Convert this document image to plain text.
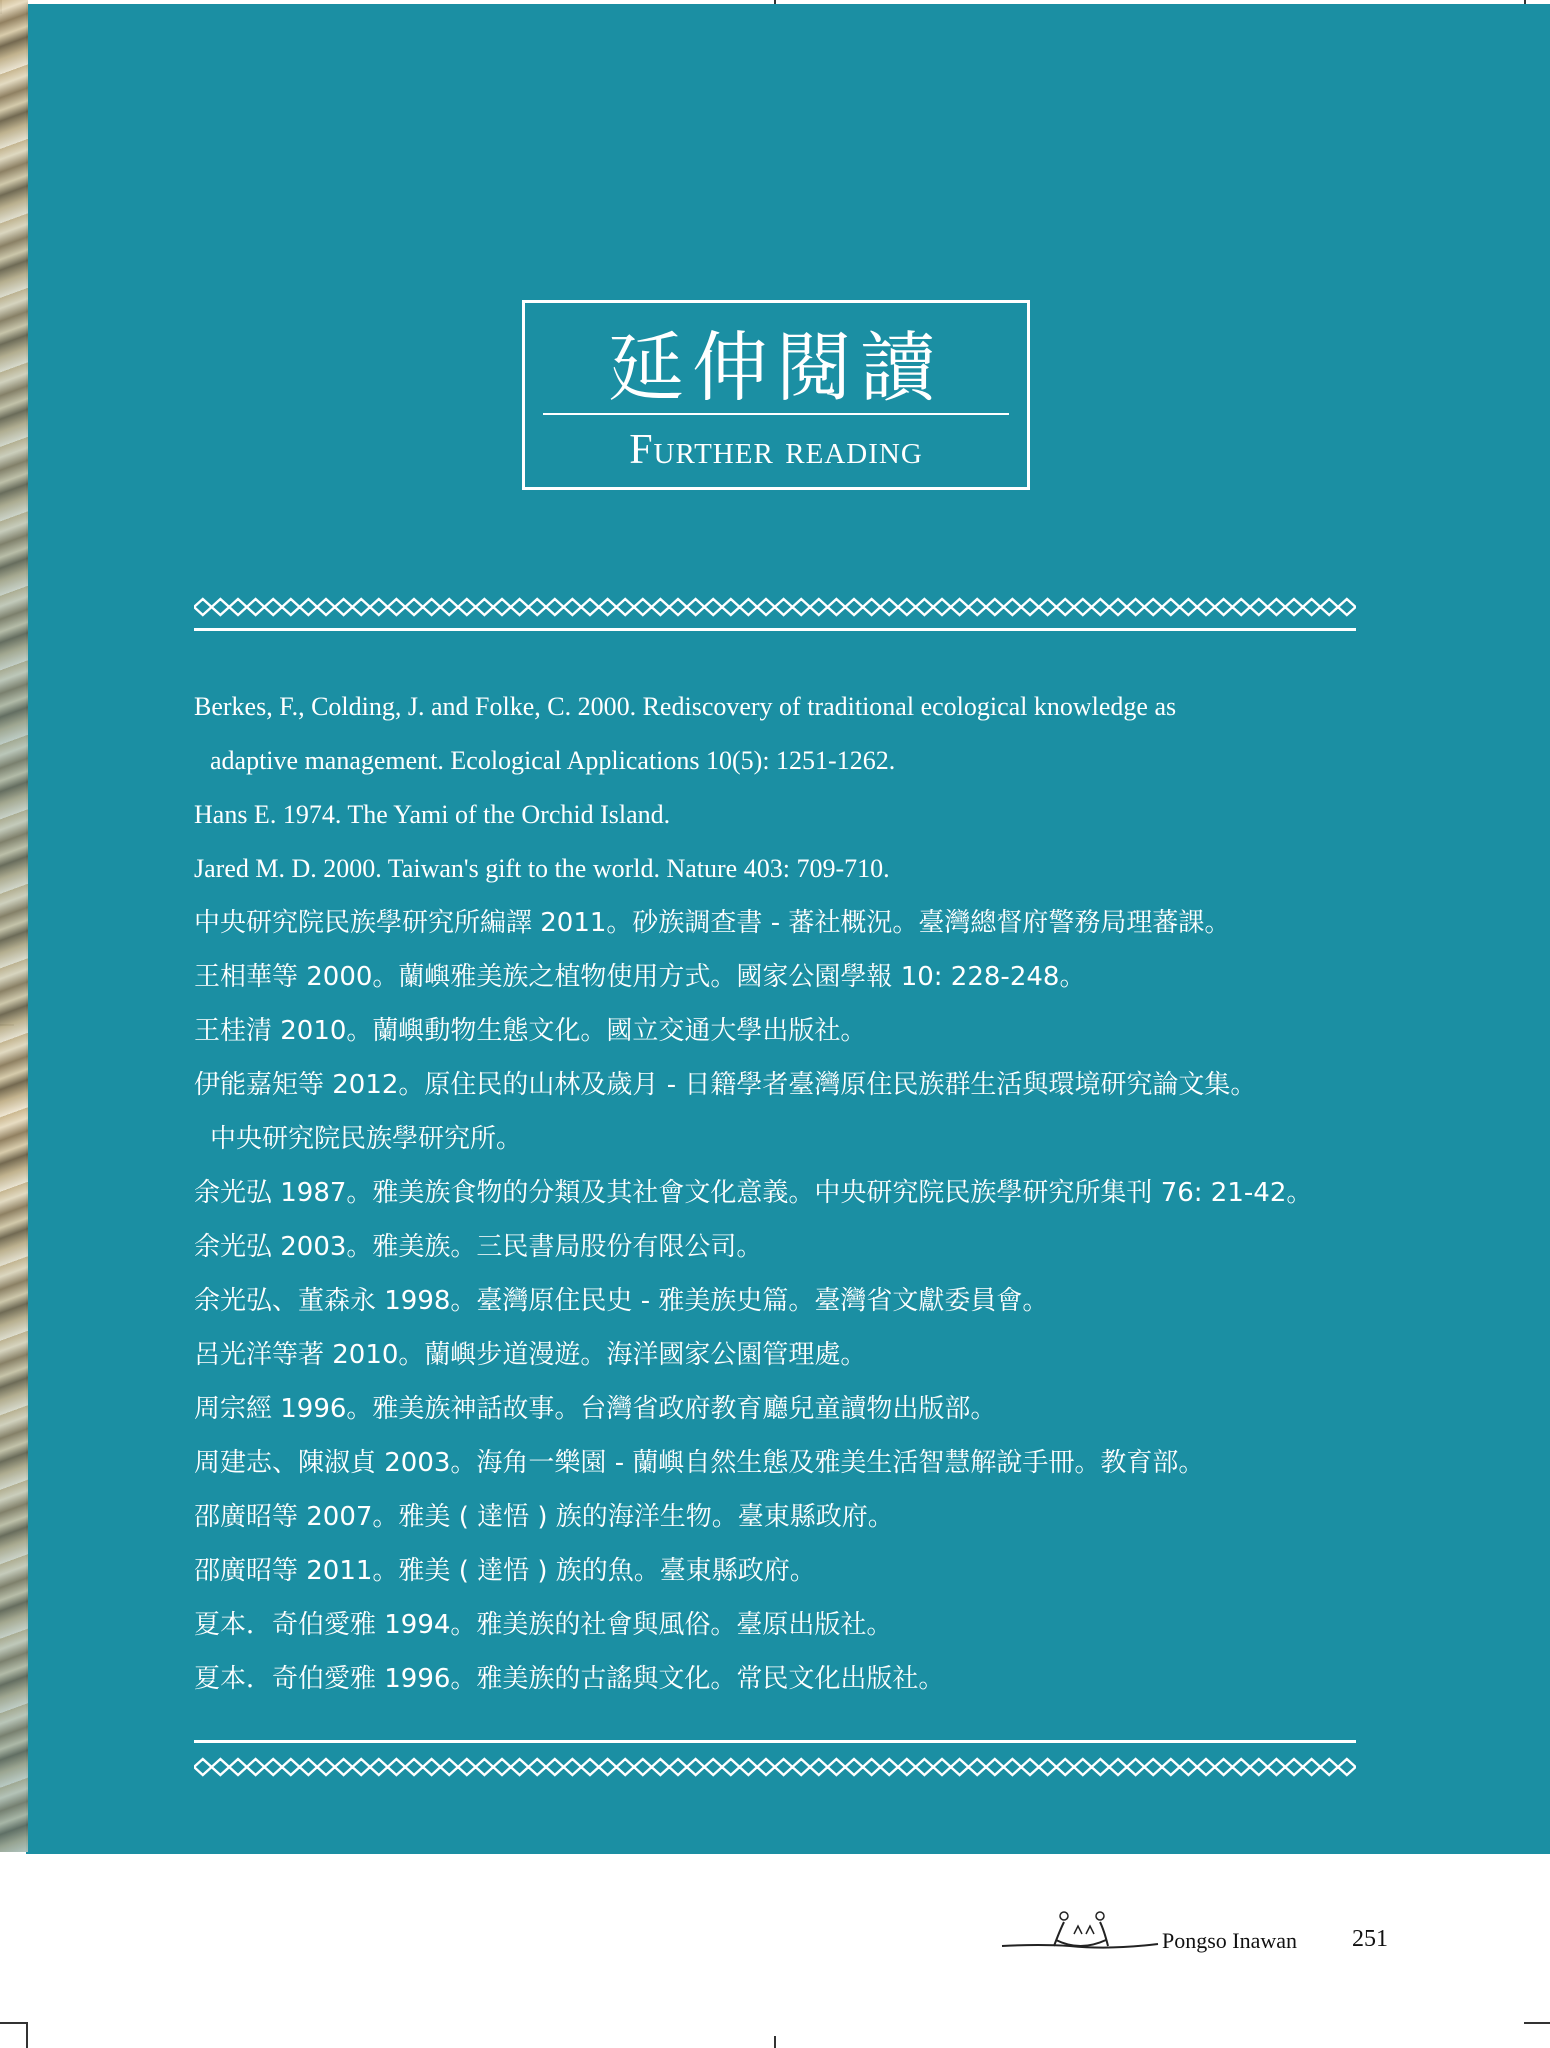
延伸閱讀
Further reading
Berkes, F., Colding, J. and Folke, C. 2000. Rediscovery of traditional ecological knowledge as
adaptive management. Ecological Applications 10(5): 1251-1262.
Hans E. 1974. The Yami of the Orchid Island.
Jared M. D. 2000. Taiwan's gift to the world. Nature 403: 709-710.
中央研究院民族學研究所編譯 2011。砂族調查書 - 蕃社概況。臺灣總督府警務局理蕃課。
王相華等 2000。蘭嶼雅美族之植物使用方式。國家公園學報 10: 228-248。
王桂清 2010。蘭嶼動物生態文化。國立交通大學出版社。
伊能嘉矩等 2012。原住民的山林及歲月 - 日籍學者臺灣原住民族群生活與環境研究論文集。
中央研究院民族學研究所。
余光弘 1987。雅美族食物的分類及其社會文化意義。中央研究院民族學研究所集刊 76: 21-42。
余光弘 2003。雅美族。三民書局股份有限公司。
余光弘、董森永 1998。臺灣原住民史 - 雅美族史篇。臺灣省文獻委員會。
呂光洋等著 2010。蘭嶼步道漫遊。海洋國家公園管理處。
周宗經 1996。雅美族神話故事。台灣省政府教育廳兒童讀物出版部。
周建志、陳淑貞 2003。海角一樂園 - 蘭嶼自然生態及雅美生活智慧解說手冊。教育部。
邵廣昭等 2007。雅美 ( 達悟 ) 族的海洋生物。臺東縣政府。
邵廣昭等 2011。雅美 ( 達悟 ) 族的魚。臺東縣政府。
夏本．奇伯愛雅 1994。雅美族的社會與風俗。臺原出版社。
夏本．奇伯愛雅 1996。雅美族的古謠與文化。常民文化出版社。
Pongso Inawan 251
